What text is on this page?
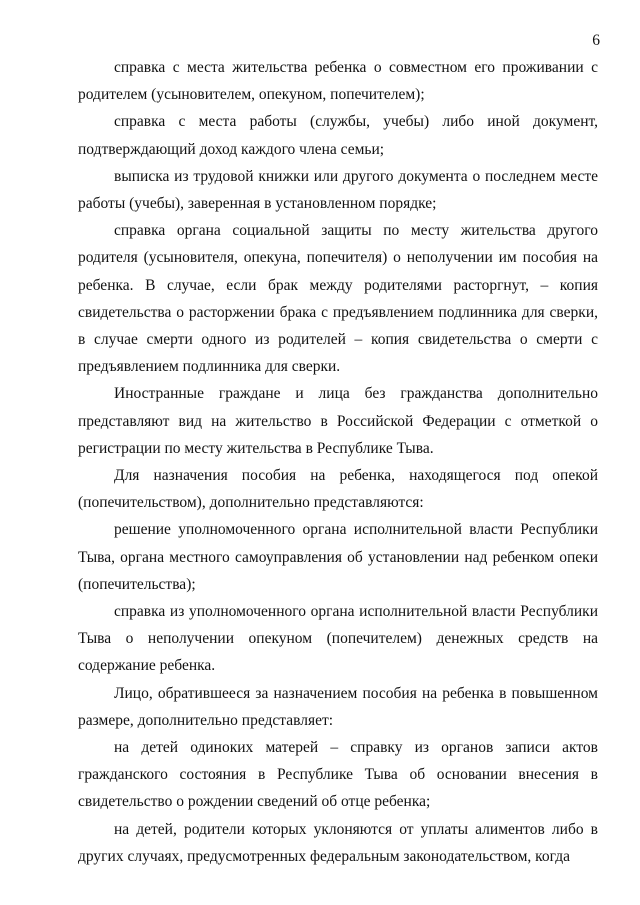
6

справка с места жительства ребенка о совместном его проживании с родителем (усыновителем, опекуном, попечителем);

справка с места работы (службы, учебы) либо иной документ, подтверждающий доход каждого члена семьи;

выписка из трудовой книжки или другого документа о последнем месте работы (учебы), заверенная в установленном порядке;

справка органа социальной защиты по месту жительства другого родителя (усыновителя, опекуна, попечителя) о неполучении им пособия на ребенка. В случае, если брак между родителями расторгнут, – копия свидетельства о расторжении брака с предъявлением подлинника для сверки, в случае смерти одного из родителей – копия свидетельства о смерти с предъявлением подлинника для сверки.

Иностранные граждане и лица без гражданства дополнительно представляют вид на жительство в Российской Федерации с отметкой о регистрации по месту жительства в Республике Тыва.

Для назначения пособия на ребенка, находящегося под опекой (попечительством), дополнительно представляются:

решение уполномоченного органа исполнительной власти Республики Тыва, органа местного самоуправления об установлении над ребенком опеки (попечительства);

справка из уполномоченного органа исполнительной власти Республики Тыва о неполучении опекуном (попечителем) денежных средств на содержание ребенка.

Лицо, обратившееся за назначением пособия на ребенка в повышенном размере, дополнительно представляет:

на детей одиноких матерей – справку из органов записи актов гражданского состояния в Республике Тыва об основании внесения в свидетельство о рождении сведений об отце ребенка;

на детей, родители которых уклоняются от уплаты алиментов либо в других случаях, предусмотренных федеральным законодательством, когда
